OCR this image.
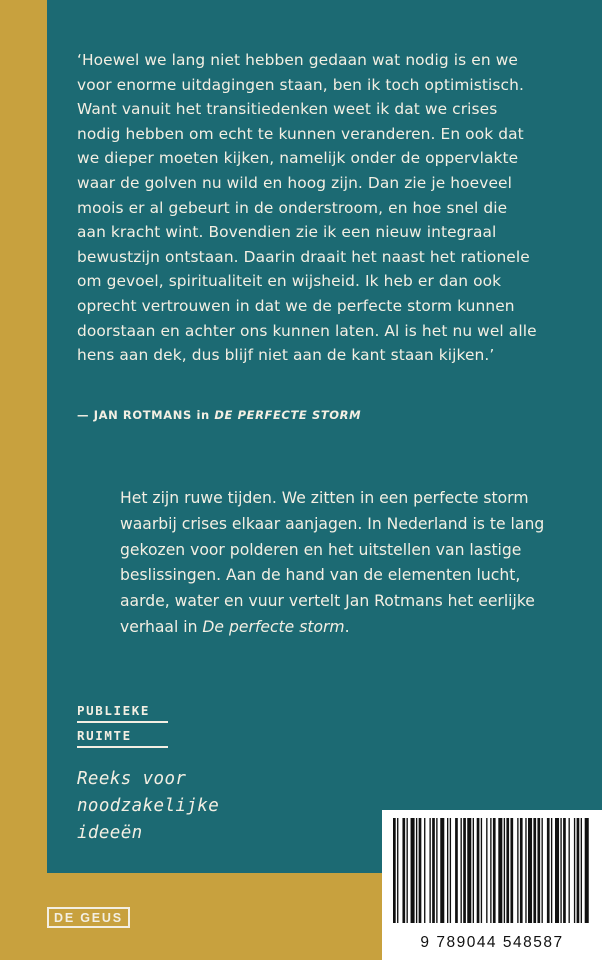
‘Hoewel we lang niet hebben gedaan wat nodig is en we

voor enorme uitdagingen staan, ben ik toch optimistisch.

Want vanuit het transitiedenken weet ik dat we crises

nodig hebben om echt te kunnen veranderen. En ook dat

we dieper moeten kijken, namelijk onder de oppervlakte

waar de golven nu wild en hoog zijn. Dan zie je hoeveel

moois er al gebeurt in de onderstroom, en hoe snel die

aan kracht wint. Bovendien zie ik een nieuw integraal

bewustzijn ontstaan. Daarin draait het naast het rationele

om gevoel, spiritualiteit en wijsheid. Ik heb er dan ook

oprecht vertrouwen in dat we de perfecte storm kunnen

doorstaan en achter ons kunnen laten. Al is het nu wel alle

hens aan dek, dus blijf niet aan de kant staan kijken.’

— JAN ROTMANS in DE PERFECTE STORM
Het zijn ruwe tijden. We zitten in een perfecte storm
waarbij crises elkaar aanjagen. In Nederland is te lang
gekozen voor polderen en het uitstellen van lastige
beslissingen. Aan de hand van de elementen lucht,
aarde, water en vuur vertelt Jan Rotmans het eerlijke
verhaal in De perfecte storm.
PUBLIEKE
RUIMTE
Reeks voor
noodzakelijke
ideeën
9 789044 548587
DE GEUS
